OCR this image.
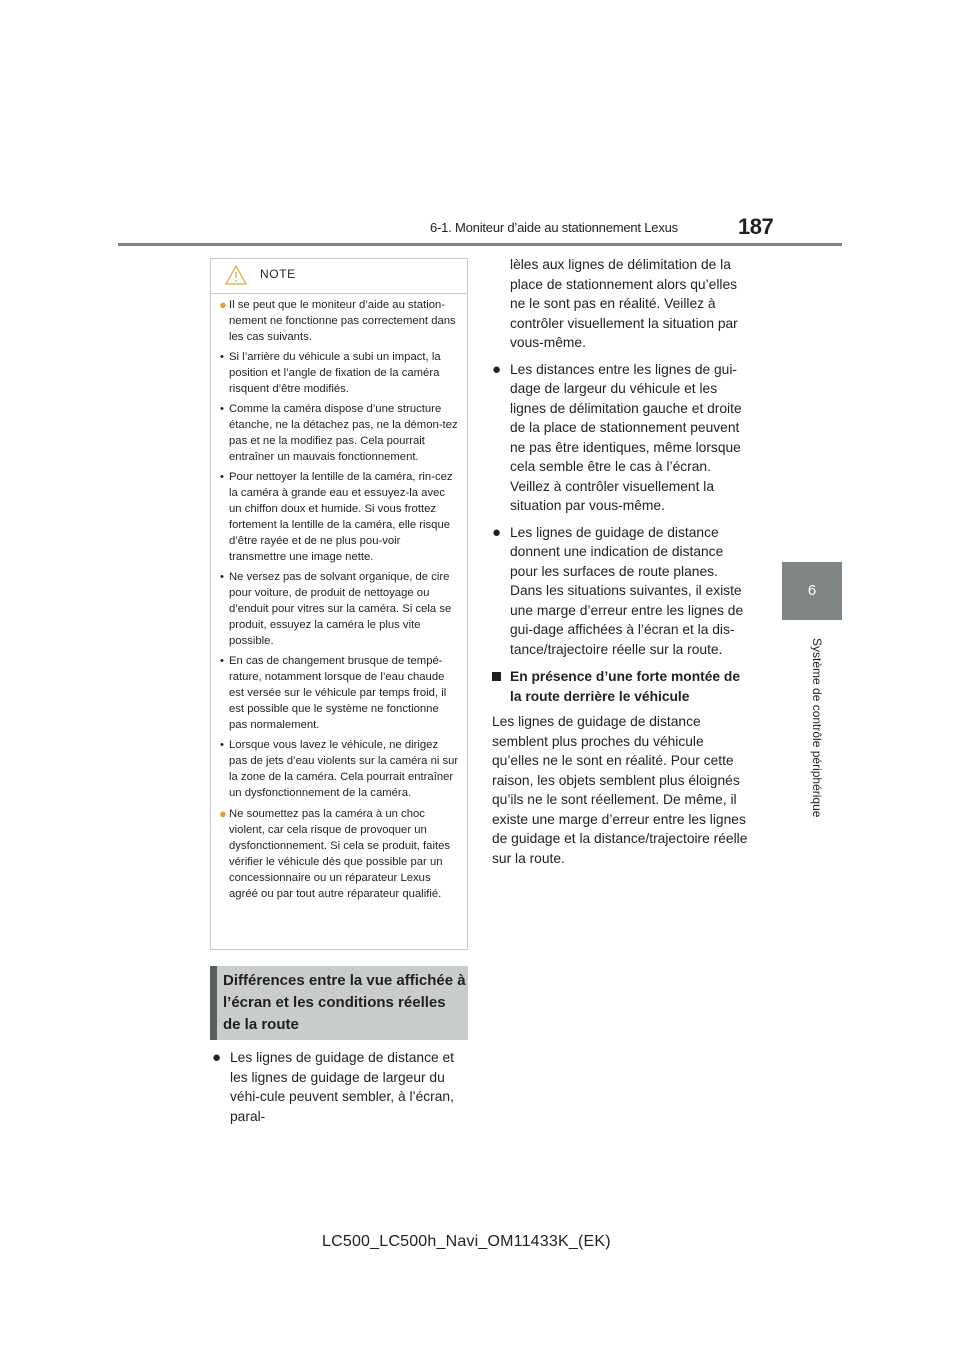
6-1. Moniteur d’aide au stationnement Lexus	187
6
Système de contrôle périphérique
NOTE
● Il se peut que le moniteur d’aide au station-nement ne fonctionne pas correctement dans les cas suivants.

• Si l’arrière du véhicule a subi un impact, la position et l’angle de fixation de la caméra risquent d’être modifiés.

• Comme la caméra dispose d’une structure étanche, ne la détachez pas, ne la démon-tez pas et ne la modifiez pas. Cela pourrait entraîner un mauvais fonctionnement.

• Pour nettoyer la lentille de la caméra, rin-cez la caméra à grande eau et essuyez-la avec un chiffon doux et humide. Si vous frottez fortement la lentille de la caméra, elle risque d’être rayée et de ne plus pou-voir transmettre une image nette.

• Ne versez pas de solvant organique, de cire pour voiture, de produit de nettoyage ou d’enduit pour vitres sur la caméra. Si cela se produit, essuyez la caméra le plus vite possible.

• En cas de changement brusque de tempé-rature, notamment lorsque de l’eau chaude est versée sur le véhicule par temps froid, il est possible que le système ne fonctionne pas normalement.

• Lorsque vous lavez le véhicule, ne dirigez pas de jets d’eau violents sur la caméra ni sur la zone de la caméra. Cela pourrait entraîner un dysfonctionnement de la caméra.

● Ne soumettez pas la caméra à un choc violent, car cela risque de provoquer un dysfonctionnement. Si cela se produit, faites vérifier le véhicule dès que possible par un concessionnaire ou un réparateur Lexus agréé ou par tout autre réparateur qualifié.

Différences entre la vue affichée à l’écran et les conditions réelles de la route
● Les lignes de guidage de distance et les lignes de guidage de largeur du véhi-cule peuvent sembler, à l’écran, paral-

lèles aux lignes de délimitation de la place de stationnement alors qu’elles ne le sont pas en réalité. Veillez à contrôler visuellement la situation par vous-même.

● Les distances entre les lignes de gui-dage de largeur du véhicule et les lignes de délimitation gauche et droite de la place de stationnement peuvent ne pas être identiques, même lorsque cela semble être le cas à l’écran. Veillez à contrôler visuellement la situation par vous-même.

● Les lignes de guidage de distance donnent une indication de distance pour les surfaces de route planes. Dans les situations suivantes, il existe une marge d’erreur entre les lignes de gui-dage affichées à l’écran et la dis-tance/trajectoire réelle sur la route.

En présence d’une forte montée de la route derrière le véhicule

Les lignes de guidage de distance semblent plus proches du véhicule qu’elles ne le sont en réalité. Pour cette raison, les objets semblent plus éloignés qu’ils ne le sont réellement. De même, il existe une marge d’erreur entre les lignes de guidage et la distance/trajectoire réelle sur la route.

LC500_LC500h_Navi_OM11433K_(EK)
